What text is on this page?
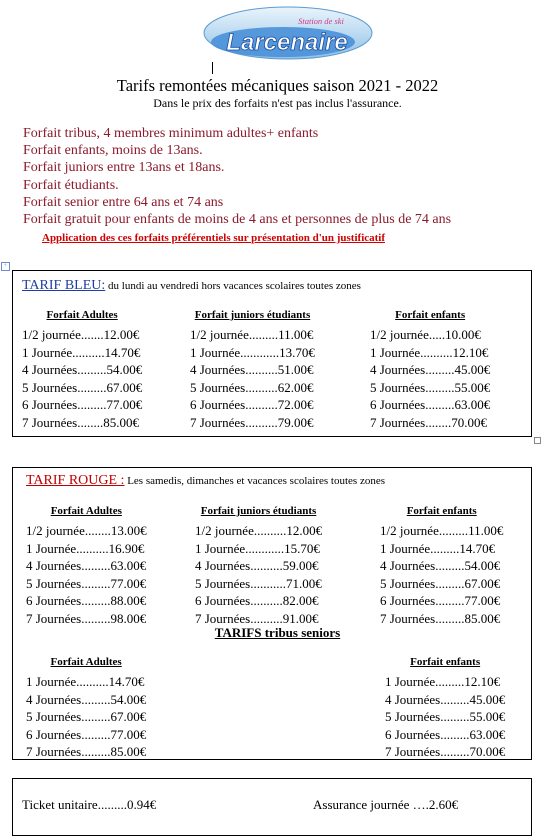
Station de ski
Larcenaire
Tarifs remontées mécaniques saison 2021 - 2022
Dans le prix des forfaits n'est pas inclus l'assurance.
Forfait tribus, 4 membres minimum adultes+ enfants
Forfait enfants, moins de 13ans.
Forfait juniors entre 13ans et 18ans.
Forfait étudiants.
Forfait senior entre 64 ans et 74 ans
Forfait gratuit pour enfants de moins de 4 ans et personnes de plus de 74 ans
Application des ces forfaits préférentiels sur présentation d'un justificatif
+
TARIF BLEU: du lundi au vendredi hors vacances scolaires toutes zones
Forfait Adultes
1/2 journée.......12.00€
1 Journée..........14.70€
4 Journées.........54.00€
5 Journées.........67.00€
6 Journées.........77.00€
7 Journées........85.00€
Forfait juniors étudiants
1/2 journée.........11.00€
1 Journée............13.70€
4 Journées..........51.00€
5 Journées..........62.00€
6 Journées..........72.00€
7 Journées..........79.00€
Forfait enfants
1/2 journée.....10.00€
1 Journée..........12.10€
4 Journées.........45.00€
5 Journées.........55.00€
6 Journées.........63.00€
7 Journées........70.00€
TARIF ROUGE : Les samedis, dimanches et vacances scolaires toutes zones
Forfait Adultes
1/2 journée........13.00€
1 Journée..........16.90€
4 Journées.........63.00€
5 Journées.........77.00€
6 Journées.........88.00€
7 Journées.........98.00€
Forfait juniors étudiants
1/2 journée..........12.00€
1 Journée............15.70€
4 Journées..........59.00€
5 Journées...........71.00€
6 Journées..........82.00€
7 Journées..........91.00€
Forfait enfants
1/2 journée.........11.00€
1 Journée.........14.70€
4 Journées.........54.00€
5 Journées.........67.00€
6 Journées.........77.00€
7 Journées.........85.00€
TARIFS tribus seniors
Forfait Adultes
1 Journée..........14.70€
4 Journées.........54.00€
5 Journées.........67.00€
6 Journées.........77.00€
7 Journées.........85.00€
Forfait enfants
1 Journée.........12.10€
4 Journées.........45.00€
5 Journées.........55.00€
6 Journées.........63.00€
7 Journées.........70.00€
Ticket unitaire.........0.94€	Assurance journée ….2.60€
